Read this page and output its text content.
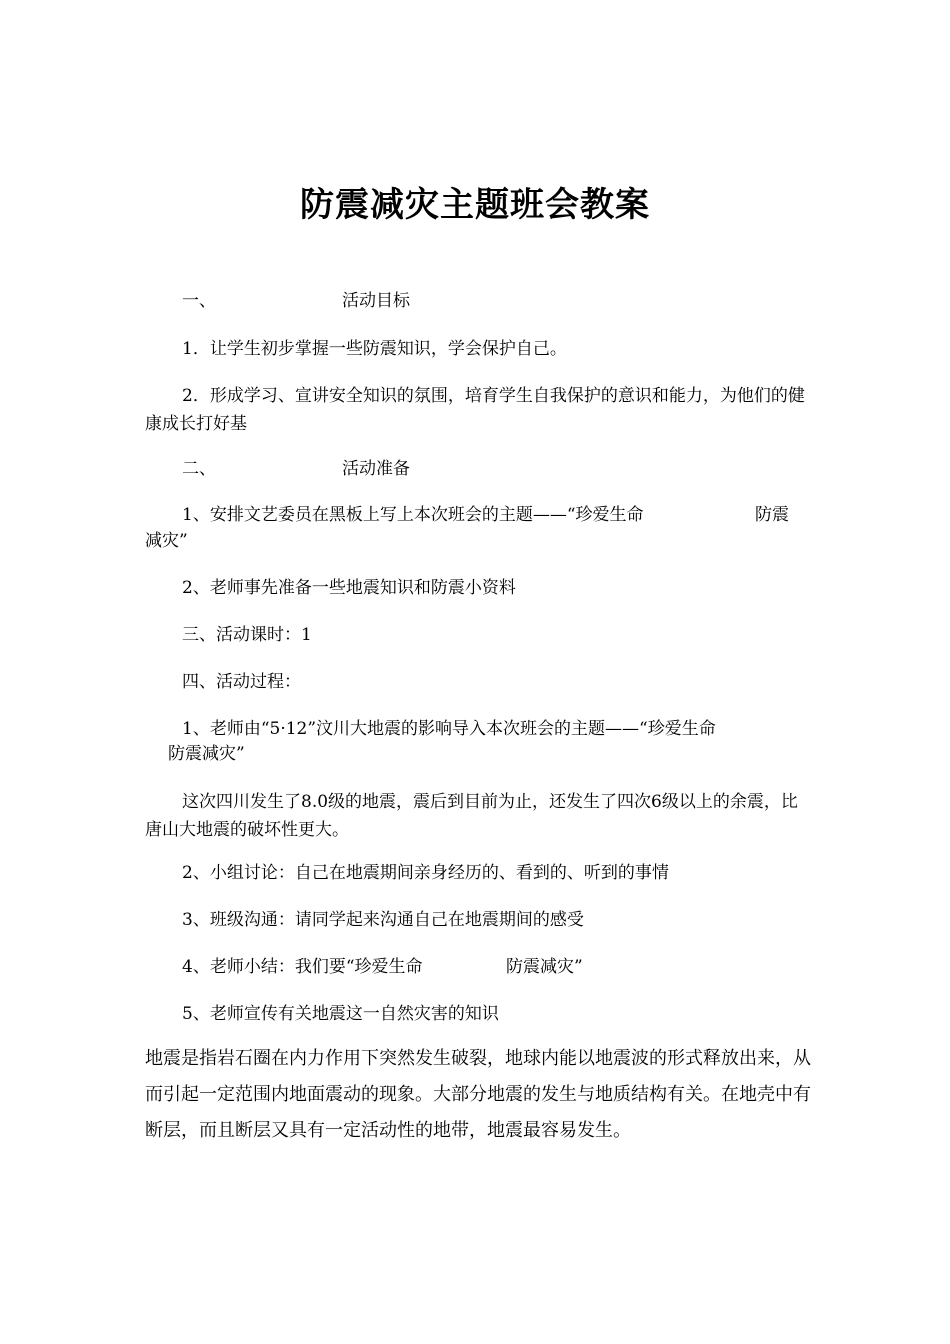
防震减灾主题班会教案
一、	活动目标
1．让学生初步掌握一些防震知识，学会保护自己。
2．形成学习、宣讲安全知识的氛围，培育学生自我保护的意识和能力，为他们的健康成长打好基
二、	活动准备
1、安排文艺委员在黑板上写上本次班会的主题——“珍爱生命	防震
减灾”
2、老师事先准备一些地震知识和防震小资料
三、活动课时：1
四、活动过程：
1、老师由“5·12”汶川大地震的影响导入本次班会的主题——“珍爱生命
防震减灾”
这次四川发生了8.0级的地震，震后到目前为止，还发生了四次6级以上的余震，比唐山大地震的破坏性更大。
2、小组讨论：自己在地震期间亲身经历的、看到的、听到的事情
3、班级沟通：请同学起来沟通自己在地震期间的感受
4、老师小结：我们要“珍爱生命	防震减灾”
5、老师宣传有关地震这一自然灾害的知识
地震是指岩石圈在内力作用下突然发生破裂，地球内能以地震波的形式释放出来，从而引起一定范围内地面震动的现象。大部分地震的发生与地质结构有关。在地壳中有断层，而且断层又具有一定活动性的地带，地震最容易发生。
